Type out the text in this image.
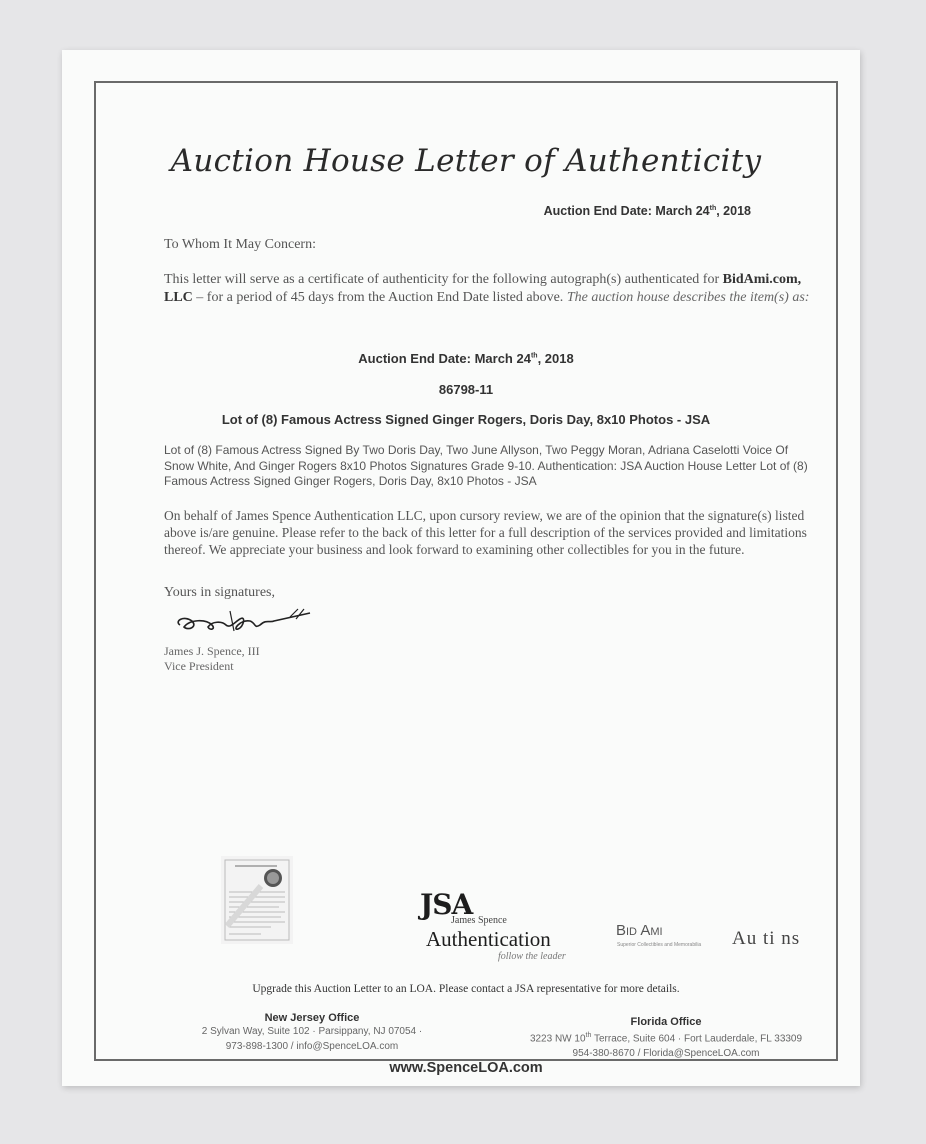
Auction House Letter of Authenticity
Auction End Date: March 24th, 2018
To Whom It May Concern:
This letter will serve as a certificate of authenticity for the following autograph(s) authenticated for BidAmi.com, LLC – for a period of 45 days from the Auction End Date listed above. The auction house describes the item(s) as:
Auction End Date: March 24th, 2018
86798-11
Lot of (8) Famous Actress Signed Ginger Rogers, Doris Day, 8x10 Photos - JSA
Lot of (8) Famous Actress Signed By Two Doris Day, Two June Allyson, Two Peggy Moran, Adriana Caselotti Voice Of Snow White, And Ginger Rogers 8x10 Photos Signatures Grade 9-10. Authentication: JSA Auction House Letter Lot of (8) Famous Actress Signed Ginger Rogers, Doris Day, 8x10 Photos - JSA
On behalf of James Spence Authentication LLC, upon cursory review, we are of the opinion that the signature(s) listed above is/are genuine. Please refer to the back of this letter for a full description of the services provided and limitations thereof. We appreciate your business and look forward to examining other collectibles for you in the future.
Yours in signatures,
James J. Spence, III
Vice President
JSA
James Spence
Authentication
follow the leader
Bid Ami
Superior Collectibles and Memorabilia Au ti ns
Upgrade this Auction Letter to an LOA. Please contact a JSA representative for more details.
New Jersey Office
2 Sylvan Way, Suite 102 · Parsippany, NJ 07054 ·
973-898-1300 / info@SpenceLOA.com
Florida Office
3223 NW 10th Terrace, Suite 604 · Fort Lauderdale, FL 33309
954-380-8670 / Florida@SpenceLOA.com
www.SpenceLOA.com
